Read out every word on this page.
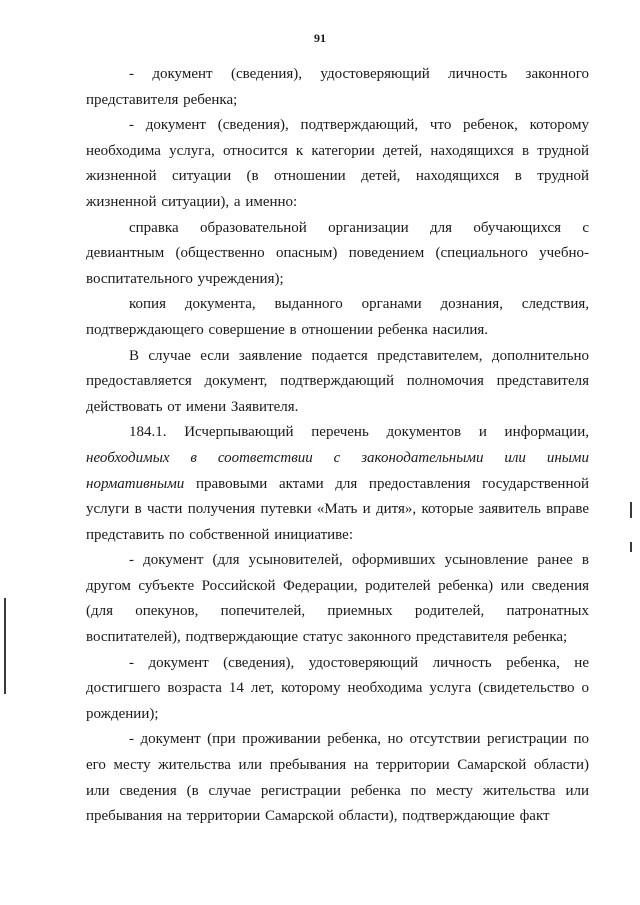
91

- документ (сведения), удостоверяющий личность законного представителя ребенка;

- документ (сведения), подтверждающий, что ребенок, которому необходима услуга, относится к категории детей, находящихся в трудной жизненной ситуации (в отношении детей, находящихся в трудной жизненной ситуации), а именно:

справка образовательной организации для обучающихся с девиантным (общественно опасным) поведением (специального учебно-воспитательного учреждения);

копия документа, выданного органами дознания, следствия, подтверждающего совершение в отношении ребенка насилия.

В случае если заявление подается представителем, дополнительно предоставляется документ, подтверждающий полномочия представителя действовать от имени Заявителя.

184.1. Исчерпывающий перечень документов и информации, необходимых в соответствии с законодательными или иными нормативными правовыми актами для предоставления государственной услуги в части получения путевки «Мать и дитя», которые заявитель вправе представить по собственной инициативе:

- документ (для усыновителей, оформивших усыновление ранее в другом субъекте Российской Федерации, родителей ребенка) или сведения (для опекунов, попечителей, приемных родителей, патронатных воспитателей), подтверждающие статус законного представителя ребенка;

- документ (сведения), удостоверяющий личность ребенка, не достигшего возраста 14 лет, которому необходима услуга (свидетельство о рождении);

- документ (при проживании ребенка, но отсутствии регистрации по его месту жительства или пребывания на территории Самарской области) или сведения (в случае регистрации ребенка по месту жительства или пребывания на территории Самарской области), подтверждающие факт
